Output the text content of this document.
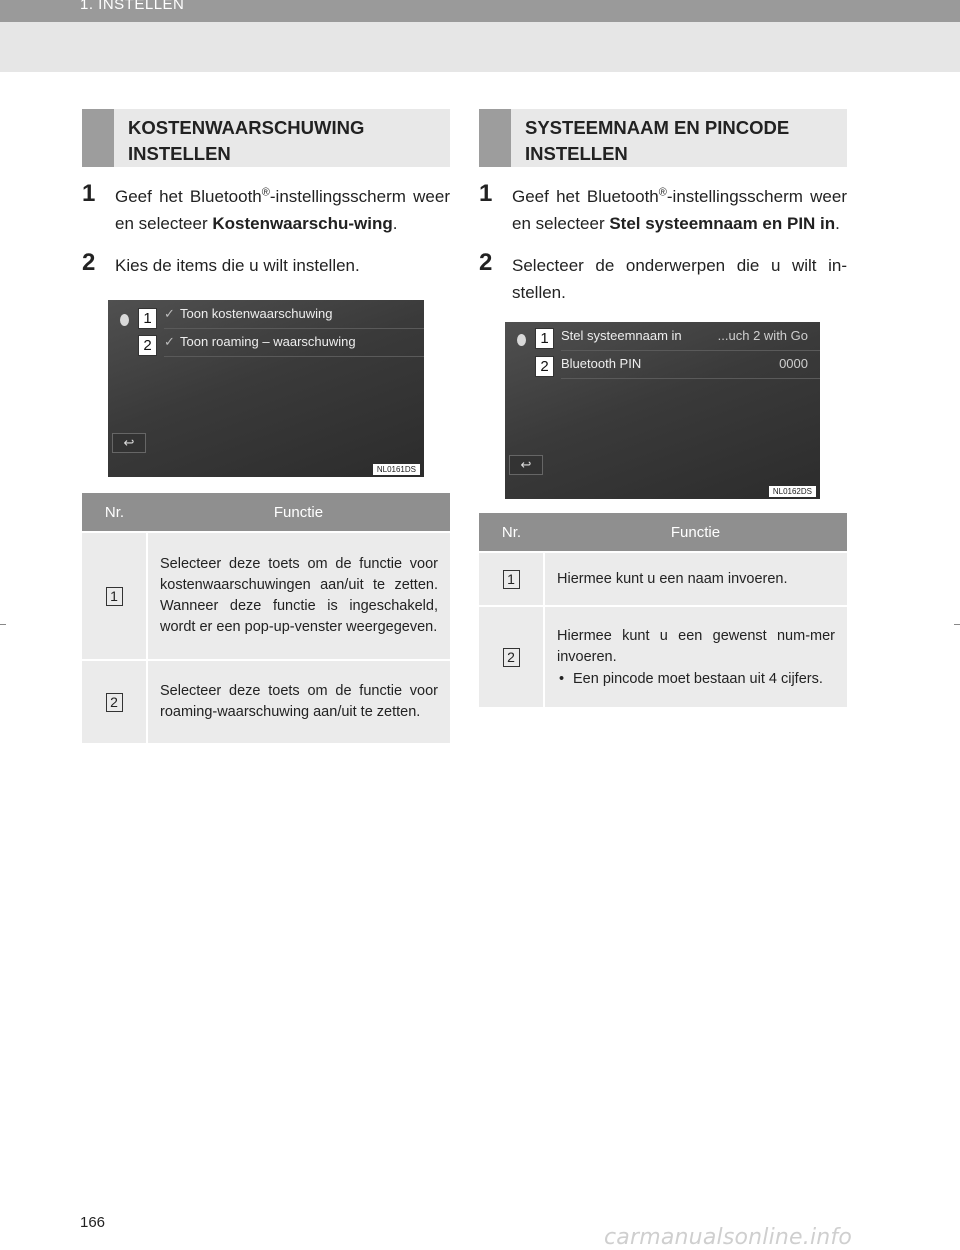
1. INSTELLEN
KOSTENWAARSCHUWING
INSTELLEN
1 Geef het Bluetooth®-instellingsscherm weer en selecteer Kostenwaarschu-wing.
2 Kies de items die u wilt instellen.
1
2
✓ Toon kostenwaarschuwing
✓ Toon roaming – waarschuwing
↩
NL0161DS
Nr.	Functie
1	Selecteer deze toets om de functie voor kostenwaarschuwingen aan/uit te zetten. Wanneer deze functie is ingeschakeld, wordt er een pop-up-venster weergegeven.
2	Selecteer deze toets om de functie voor roaming-waarschuwing aan/uit te zetten.
SYSTEEMNAAM EN PINCODE
INSTELLEN
1 Geef het Bluetooth®-instellingsscherm weer en selecteer Stel systeemnaam en PIN in.
2 Selecteer de onderwerpen die u wilt in-stellen.
1
2
Stel systeemnaam in	...uch 2 with Go
Bluetooth PIN	0000
↩
NL0162DS
Nr.	Functie
1	Hiermee kunt u een naam invoeren.
2	Hiermee kunt u een gewenst num-mer invoeren.
• Een pincode moet bestaan uit 4 cijfers.
166
carmanualsonline.info
